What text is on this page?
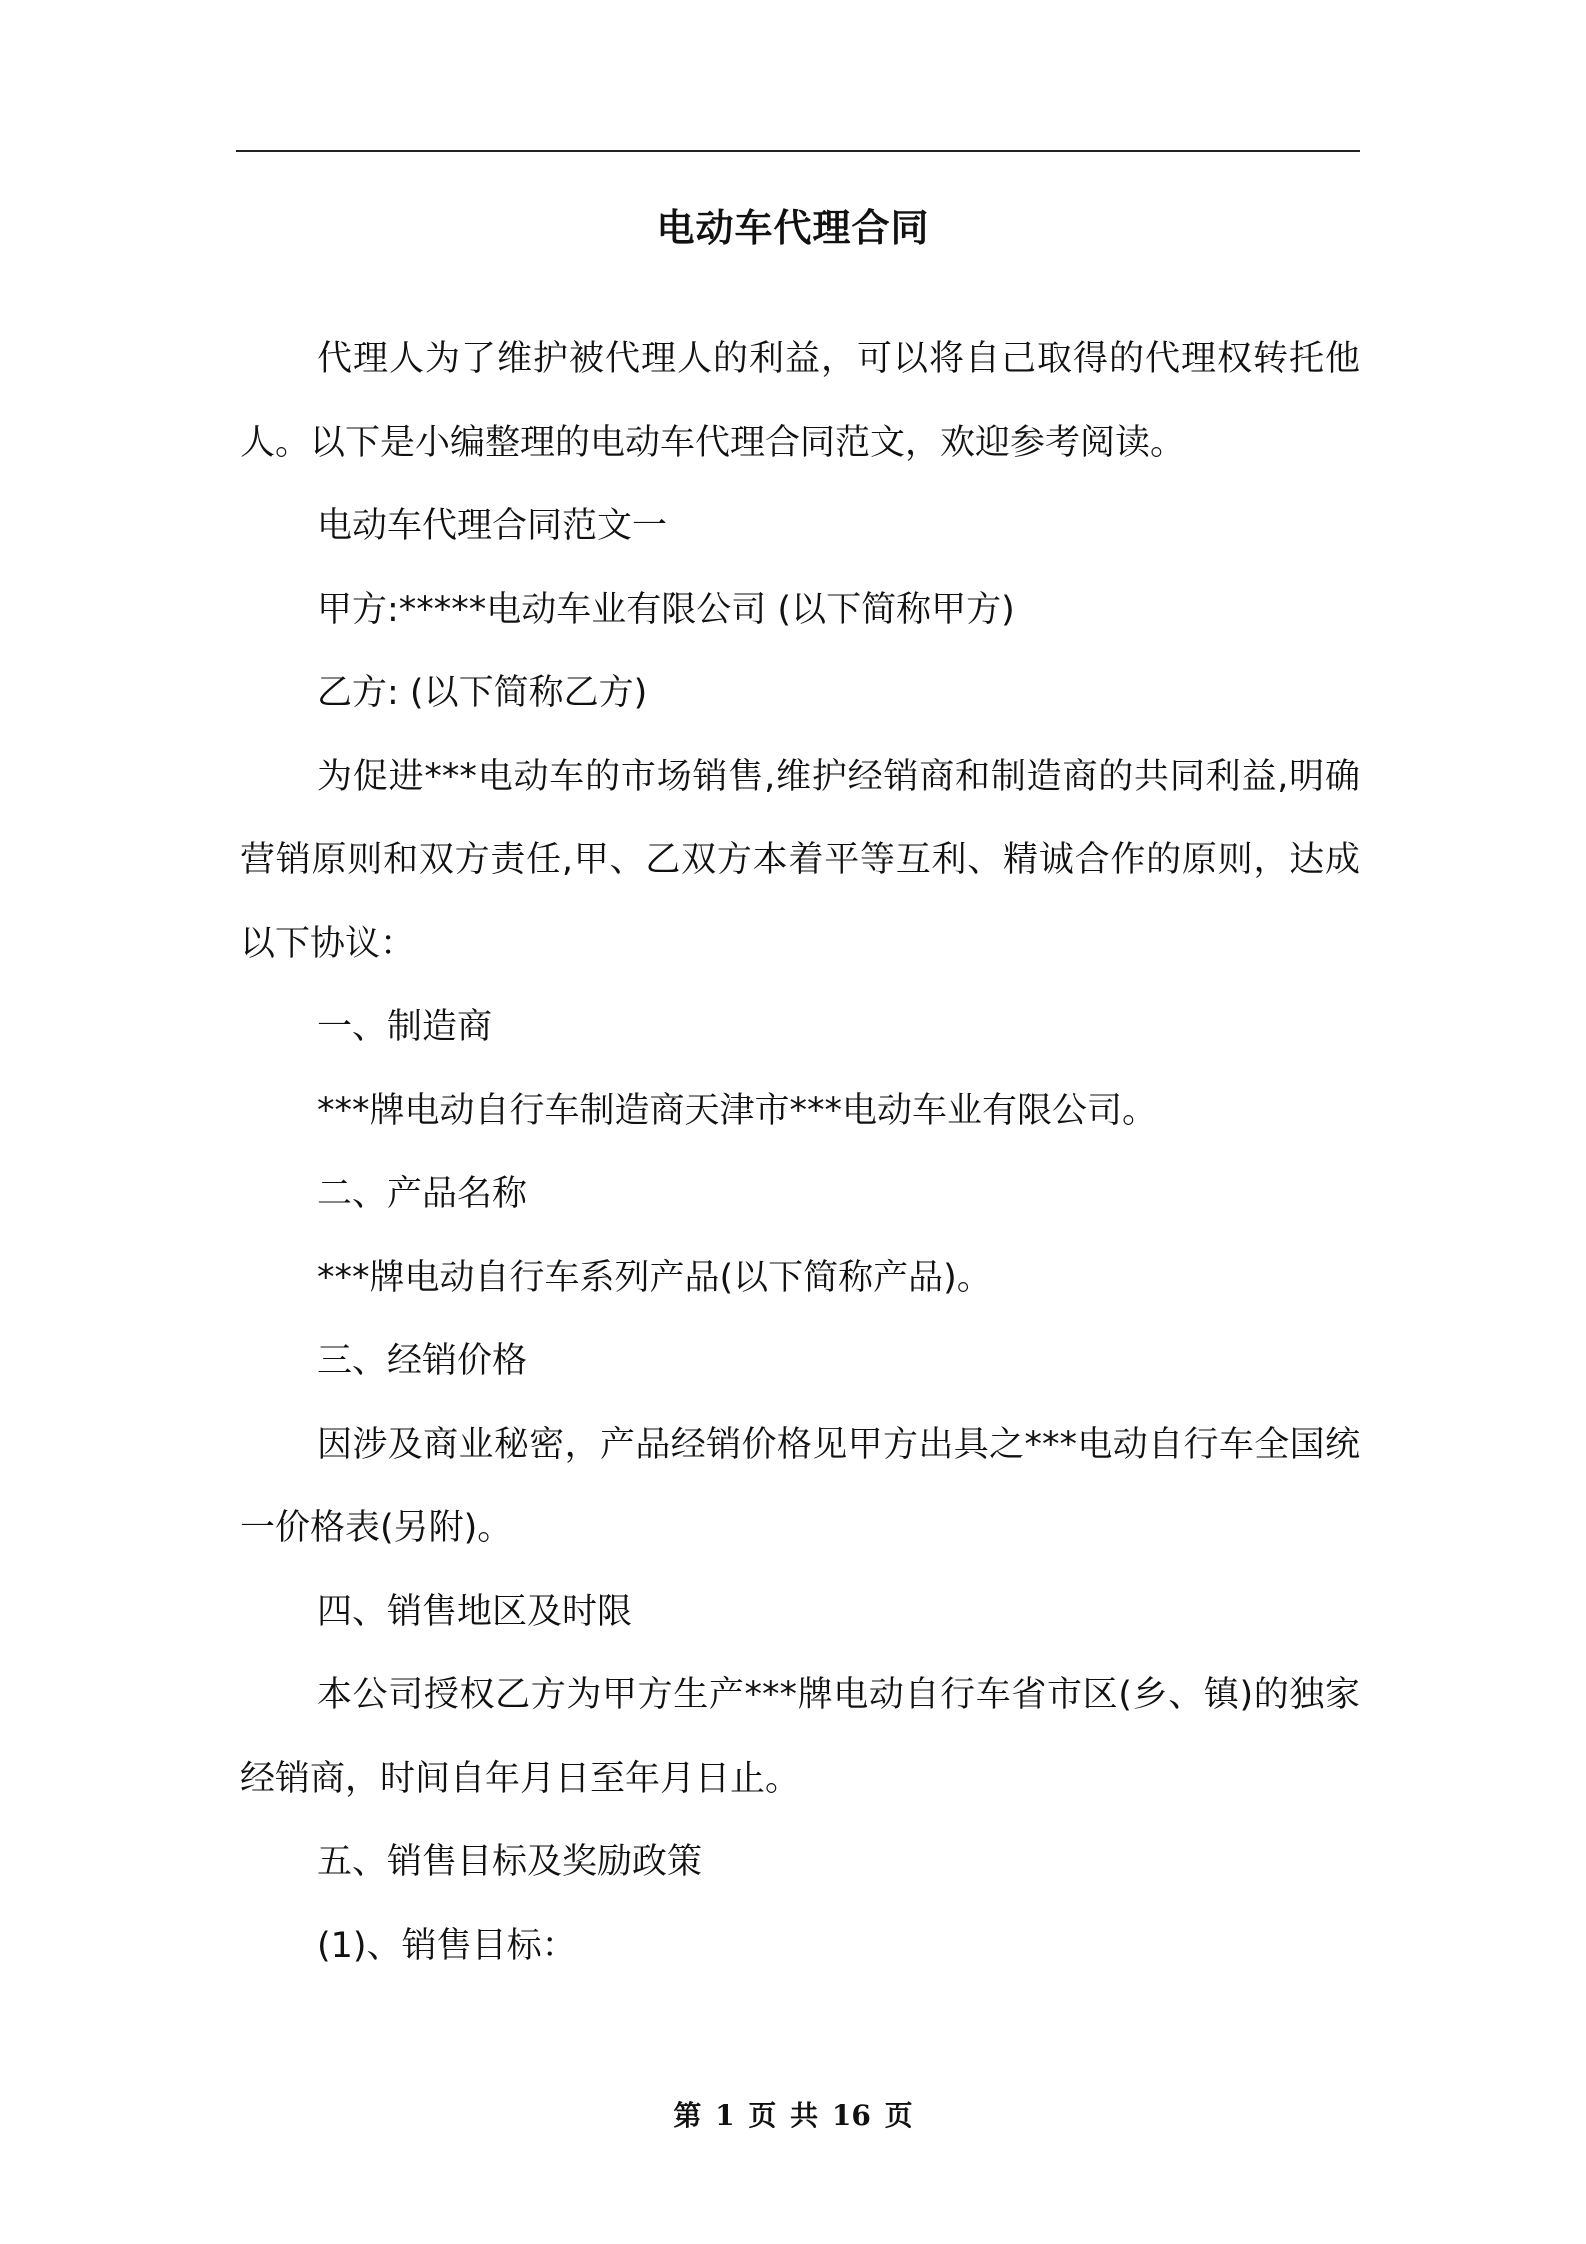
电动车代理合同

代理人为了维护被代理人的利益，可以将自己取得的代理权转托他人。以下是小编整理的电动车代理合同范文，欢迎参考阅读。

电动车代理合同范文一

甲方:*****电动车业有限公司 (以下简称甲方)

乙方: (以下简称乙方)

为促进***电动车的市场销售,维护经销商和制造商的共同利益,明确营销原则和双方责任,甲、乙双方本着平等互利、精诚合作的原则，达成以下协议：

一、制造商

***牌电动自行车制造商天津市***电动车业有限公司。

二、产品名称

***牌电动自行车系列产品(以下简称产品)。

三、经销价格

因涉及商业秘密，产品经销价格见甲方出具之***电动自行车全国统一价格表(另附)。

四、销售地区及时限

本公司授权乙方为甲方生产***牌电动自行车省市区(乡、镇)的独家经销商，时间自年月日至年月日止。

五、销售目标及奖励政策

(1)、销售目标：

第 1 页 共 16 页
